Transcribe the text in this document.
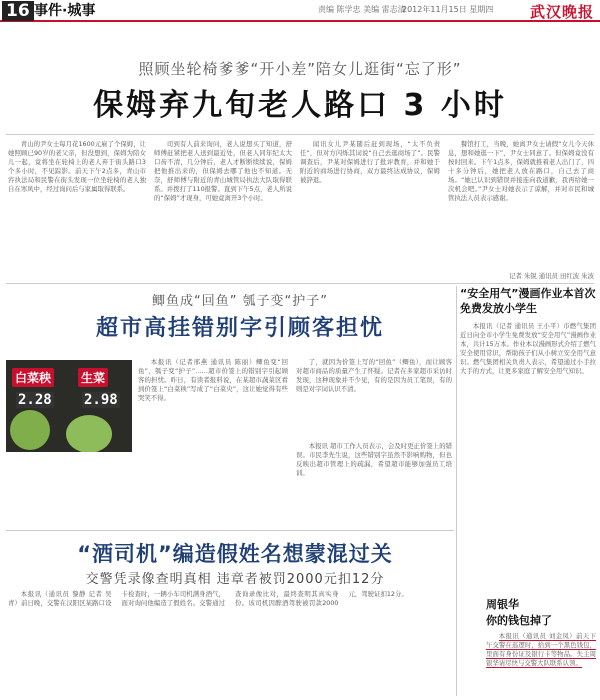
16 事件·城事	责编 陈学忠 美编 雷志清
2012年11月15日 星期四 武汉晚报
照顾坐轮椅爹爹“开小差”陪女儿逛街“忘了形”
保姆弃九旬老人路口 3 小时

青山的尹女士每月花1600元雇了个保姆，让她照顾已90岁的老父亲，但没想到，保姆为陪女儿一起，竟将坐在轮椅上的老人弃于街头路口3个多小时，不见踪影。前天下午2点多，青山市容执法局和民警在街头发现一位坐轮椅的老人独自在寒风中，经过询问后与家属取得联系。

司到有人前来询问，老人说想买了知道，舒师傅赶紧把老人送到最近处，但老人同年纪太大口齿不清，几分钟后，老人才断断续续说，保姆把他推出来的，但保姆去哪了他也不知道。无奈，舒师傅与附近的青山城管局执法大队取得联系。并拨打了110报警。直到下午5点，老人所说的“保姆”才现身，可她竟离开3个小时。

闻讯女儿尹某随后赶到现场，“太不负责任”，但对方闪烁其词说“自己去逛商场了”。民警调查后，尹某对保姆进行了批评教育，并和她于附近的商场进行协商，双方最终达成协议，保姆被辞退。

餐馆打工，当晚，她离尹女士请假“女儿今天休息，想和她逛一下”，尹女士同意了。但保姆竟没有按时回来。下午1点多，保姆就推着老人出门了，四十多分钟后，她把老人放在路口，自己去了商场。“她已认识到错误并接连向我道歉，我再给她一次机会吧。”尹女士对她表示了谅解，并对市民和城管执法人员表示感谢。

记者 朱锐 通讯员 田红波 朱波
鲫鱼成“回鱼” 瓠子变“护子”
超市高挂错别字引顾客担忧
白菜秧 生菜
2.28 2.98

本报讯（记者邢燕 通讯员 陈丽）鲫鱼变“回鱼”，瓠子变“护子”……超市价签上的错别字引起顾客的担忧。昨日，有读者报料说，在某超市蔬菜区看到价签上“白菜秧”写成了“白菜央”，这让她觉得有些哭笑不得。

了，就因为价签上写的“回鱼”（鲫鱼），而让顾客对超市商品的质量产生了怀疑。记者在多家超市采访时发现，这种现象并不少见，有的是因为员工笔误，有的则是对字词认识不清。

本报讯 超市工作人员表示，会及时更正价签上的错误。市民李先生说，这些错别字虽然不影响购物，但也反映出超市管理上的疏漏，希望超市能够加强员工培训。

“安全用气”漫画作业本首次免费发放小学生

本报讯（记者 通讯员 王小平）市燃气集团近日向全市小学生免费发放“安全用气”漫画作业本，共计15万本。作业本以漫画形式介绍了燃气安全使用常识，帮助孩子们从小树立安全用气意识。燃气集团相关负责人表示，希望通过小手拉大手的方式，让更多家庭了解安全用气知识。

“酒司机”编造假姓名想蒙混过关
交警凭录像查明真相 违章者被罚2000元扣12分

本报讯（通讯员 黎静 记者 吴青）前日晚，交警在汉阳区某路口设卡检查时，一辆小车司机满身酒气，面对询问他编造了假姓名。交警通过查询录像比对，最终查明其真实身份。该司机因醉酒驾驶被罚款2000元，驾驶证扣12分。

周银华
你的钱包掉了

本报讯（通讯员 刘金凤）前天下午交警在巡逻时，拾到一个黑色钱包，里面有身份证及银行卡等物品。失主周银华请尽快与交警大队联系认领。
